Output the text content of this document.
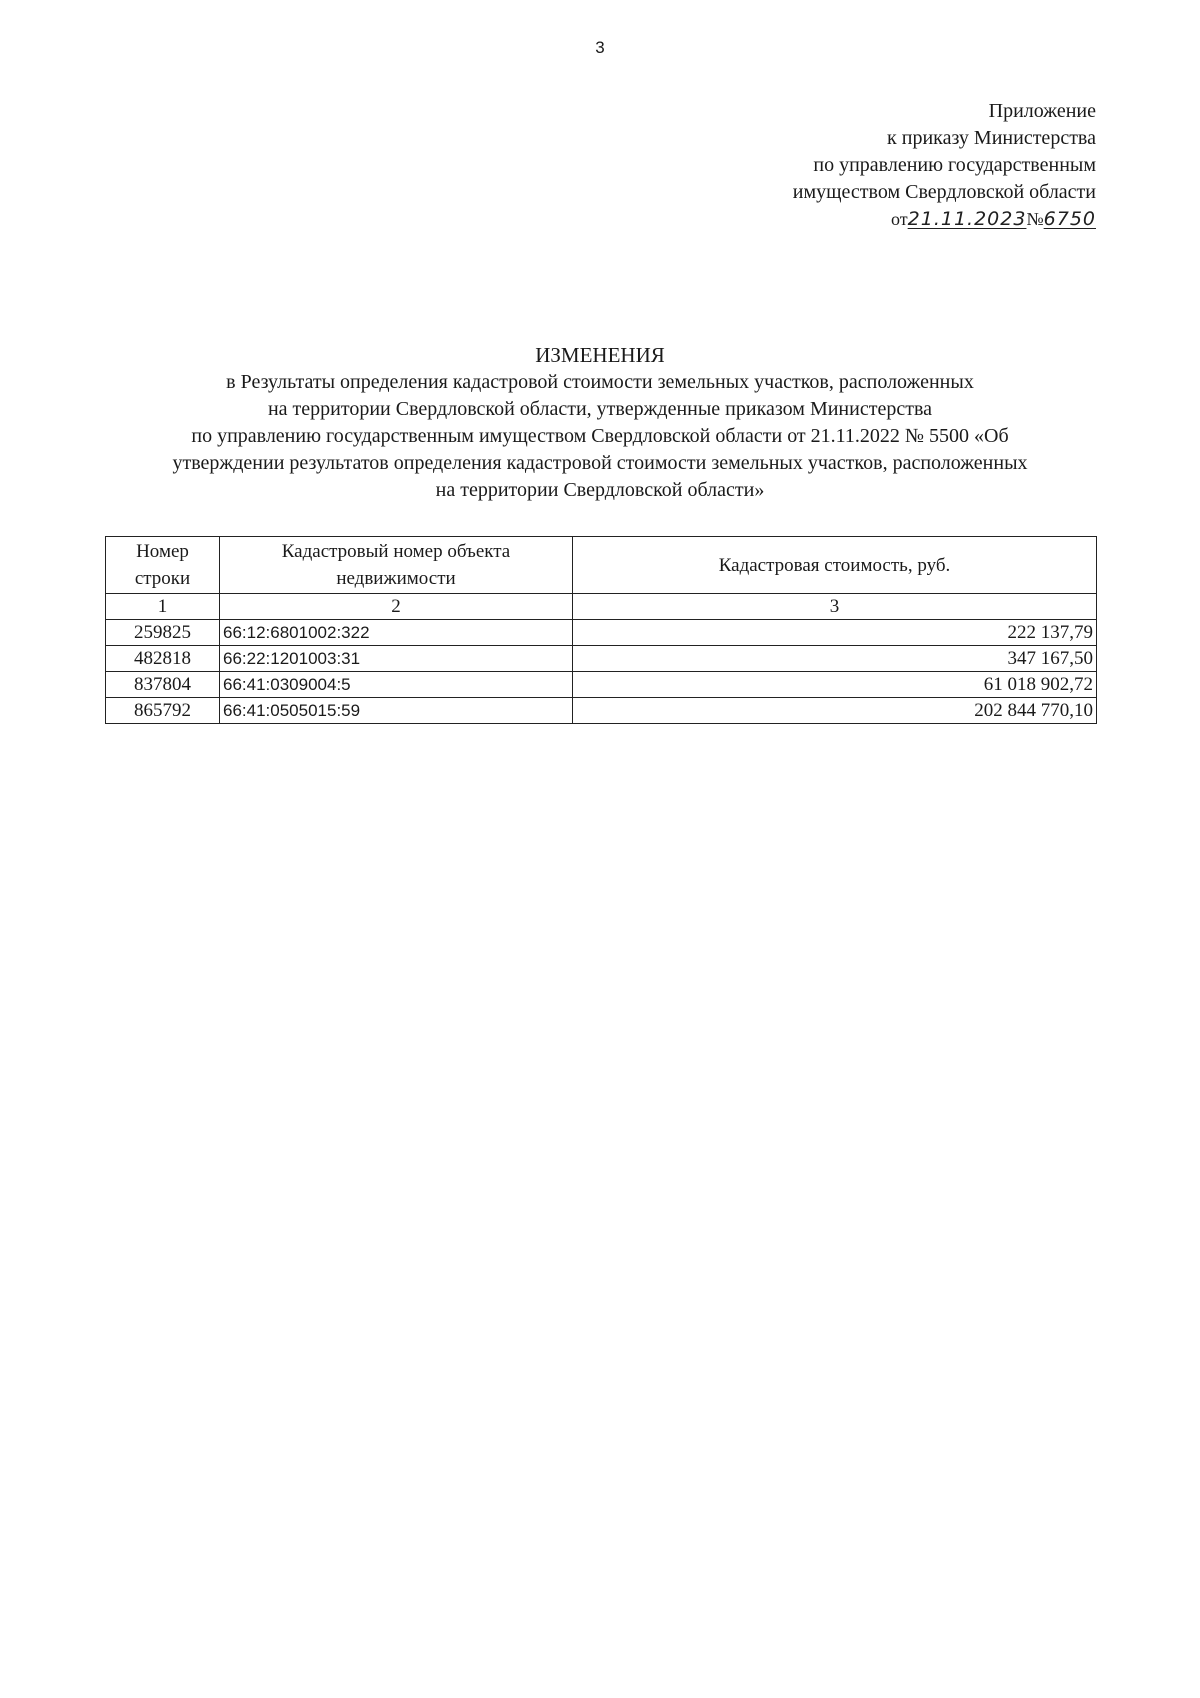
3
Приложение
к приказу Министерства
по управлению государственным
имуществом Свердловской области
от21.11.2023№6750
ИЗМЕНЕНИЯ
в Результаты определения кадастровой стоимости земельных участков, расположенных
на территории Свердловской области, утвержденные приказом Министерства
по управлению государственным имуществом Свердловской области от 21.11.2022 № 5500 «Об
утверждении результатов определения кадастровой стоимости земельных участков, расположенных
на территории Свердловской области»
Номер строки	Кадастровый номер объекта недвижимости	Кадастровая стоимость, руб.
1	2	3
259825	66:12:6801002:322	222 137,79
482818	66:22:1201003:31	347 167,50
837804	66:41:0309004:5	61 018 902,72
865792	66:41:0505015:59	202 844 770,10
